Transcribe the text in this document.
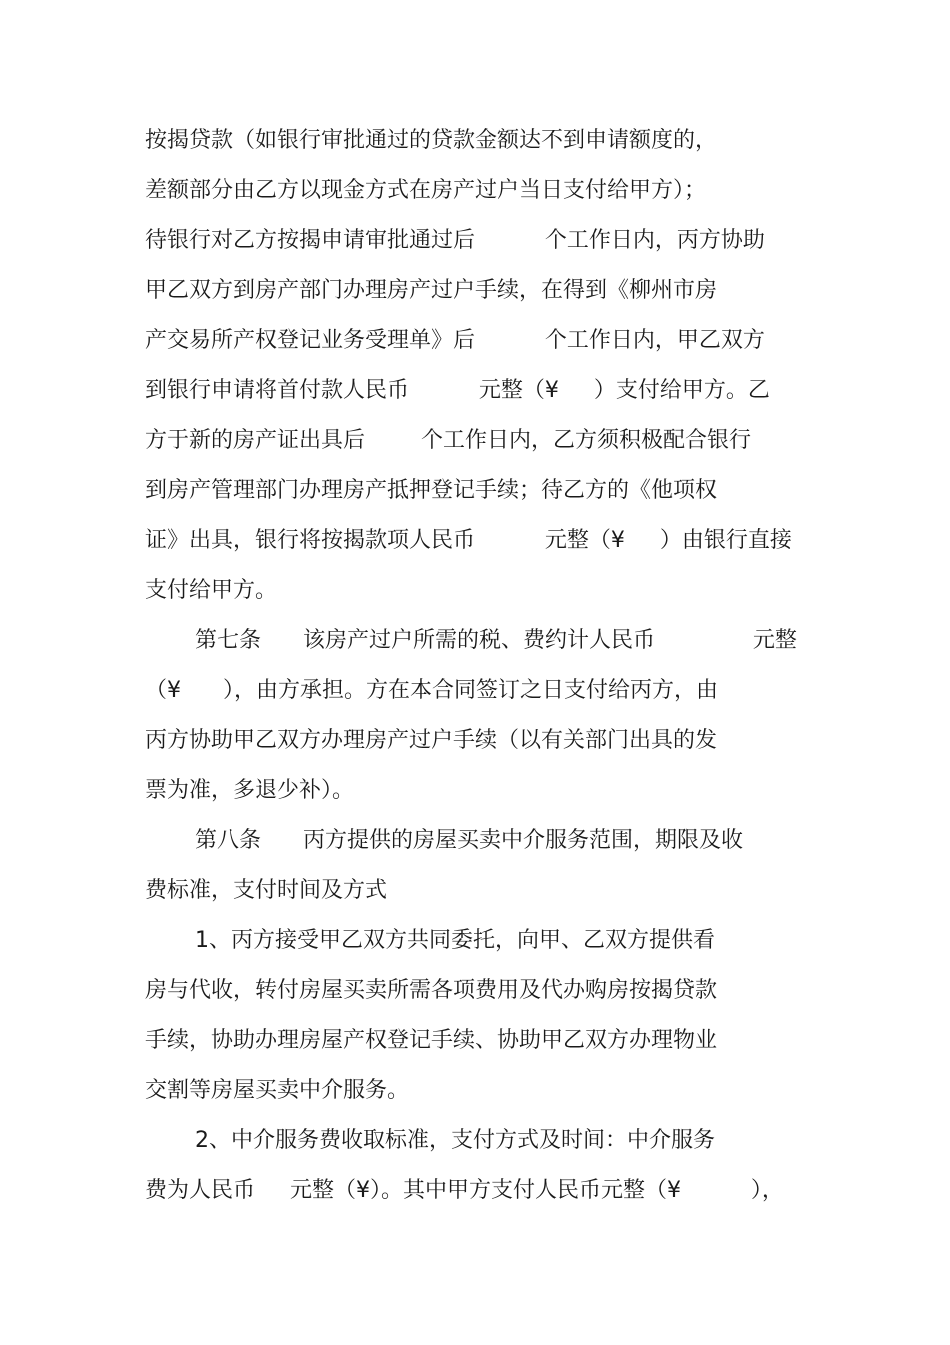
按揭贷款（如银行审批通过的贷款金额达不到申请额度的，
差额部分由乙方以现金方式在房产过户当日支付给甲方）；
待银行对乙方按揭申请审批通过后          个工作日内，丙方协助
甲乙双方到房产部门办理房产过户手续，在得到《柳州市房
产交易所产权登记业务受理单》后          个工作日内，甲乙双方
到银行申请将首付款人民币          元整（¥     ）支付给甲方。乙
方于新的房产证出具后        个工作日内，乙方须积极配合银行
到房产管理部门办理房产抵押登记手续；待乙方的《他项权
证》出具，银行将按揭款项人民币          元整（¥     ）由银行直接
支付给甲方。
第七条      该房产过户所需的税、费约计人民币              元整
（¥      ），由方承担。方在本合同签订之日支付给丙方，由
丙方协助甲乙双方办理房产过户手续（以有关部门出具的发
票为准，多退少补）。
第八条      丙方提供的房屋买卖中介服务范围，期限及收
费标准，支付时间及方式
1、丙方接受甲乙双方共同委托，向甲、乙双方提供看
房与代收，转付房屋买卖所需各项费用及代办购房按揭贷款
手续，协助办理房屋产权登记手续、协助甲乙双方办理物业
交割等房屋买卖中介服务。
2、中介服务费收取标准，支付方式及时间：中介服务
费为人民币     元整（¥）。其中甲方支付人民币元整（¥          ），
